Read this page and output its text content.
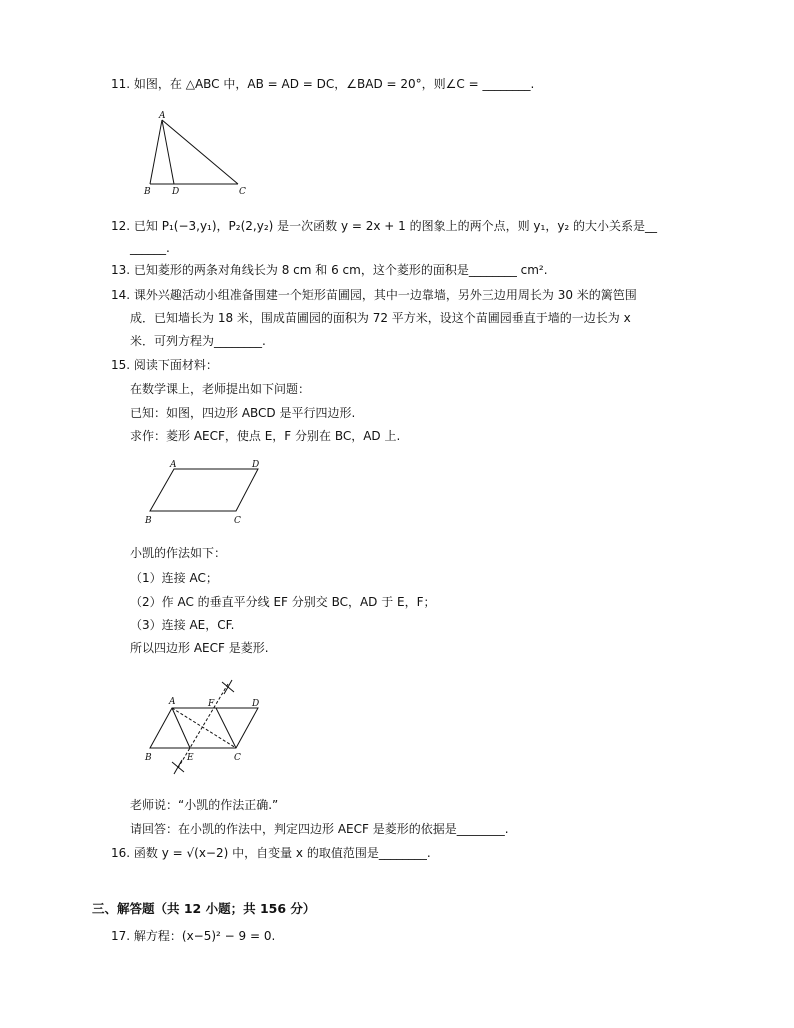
11. 如图，在 △ABC 中，AB = AD = DC，∠BAD = 20°，则∠C = ________.
A
B D	C
12. 已知 P₁(−3,y₁)，P₂(2,y₂) 是一次函数 y = 2x + 1 的图象上的两个点，则 y₁，y₂ 的大小关系是__
______.
13. 已知菱形的两条对角线长为 8 cm 和 6 cm，这个菱形的面积是________ cm².
14. 课外兴趣活动小组准备围建一个矩形苗圃园，其中一边靠墙，另外三边用周长为 30 米的篱笆围
成．已知墙长为 18 米，围成苗圃园的面积为 72 平方米，设这个苗圃园垂直于墙的一边长为 x
米．可列方程为________.
15. 阅读下面材料：
在数学课上，老师提出如下问题：
已知：如图，四边形 ABCD 是平行四边形.
求作：菱形 AECF，使点 E，F 分别在 BC，AD 上.
A	D
B	C
小凯的作法如下：
（1）连接 AC；
（2）作 AC 的垂直平分线 EF 分别交 BC，AD 于 E，F；
（3）连接 AE，CF.
所以四边形 AECF 是菱形.
A	F	D
B	E	C
老师说：“小凯的作法正确.”
请回答：在小凯的作法中，判定四边形 AECF 是菱形的依据是________.
16. 函数 y = √(x−2) 中，自变量 x 的取值范围是________.
三、解答题（共 12 小题；共 156 分）
17. 解方程：(x−5)² − 9 = 0.
